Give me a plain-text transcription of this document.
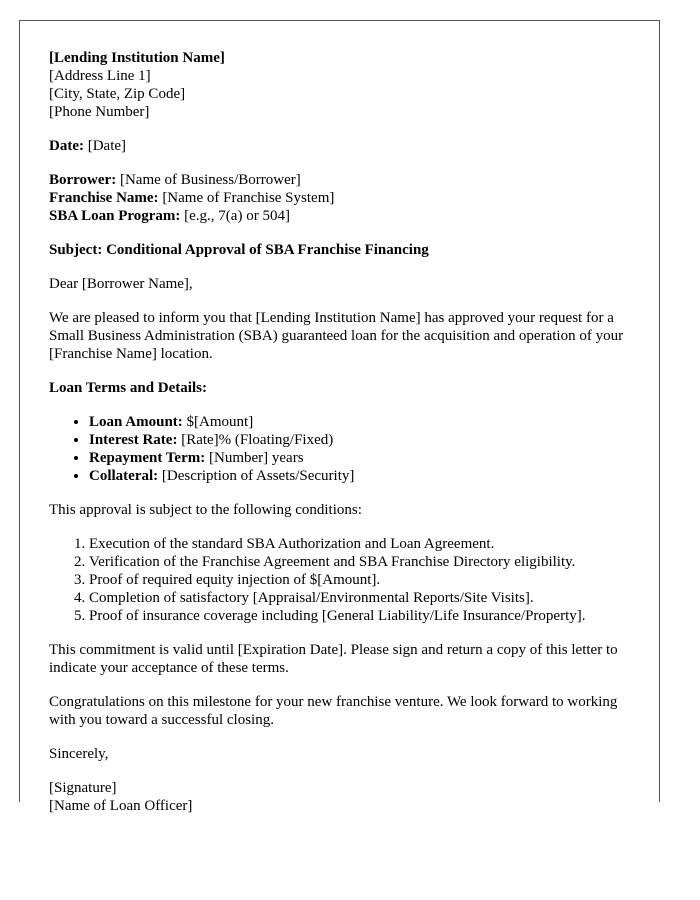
[Lending Institution Name]

[Address Line 1]

[City, State, Zip Code]

[Phone Number]

Date: [Date]

Borrower: [Name of Business/Borrower]

Franchise Name: [Name of Franchise System]

SBA Loan Program: [e.g., 7(a) or 504]

Subject: Conditional Approval of SBA Franchise Financing

Dear [Borrower Name],

We are pleased to inform you that [Lending Institution Name] has approved your request for a Small Business Administration (SBA) guaranteed loan for the acquisition and operation of your [Franchise Name] location.

Loan Terms and Details:

• Loan Amount: $[Amount]
• Interest Rate: [Rate]% (Floating/Fixed)
• Repayment Term: [Number] years
• Collateral: [Description of Assets/Security]

This approval is subject to the following conditions:

1. Execution of the standard SBA Authorization and Loan Agreement.
2. Verification of the Franchise Agreement and SBA Franchise Directory eligibility.
3. Proof of required equity injection of $[Amount].
4. Completion of satisfactory [Appraisal/Environmental Reports/Site Visits].
5. Proof of insurance coverage including [General Liability/Life Insurance/Property].

This commitment is valid until [Expiration Date]. Please sign and return a copy of this letter to indicate your acceptance of these terms.

Congratulations on this milestone for your new franchise venture. We look forward to working with you toward a successful closing.

Sincerely,

[Signature]

[Name of Loan Officer]
